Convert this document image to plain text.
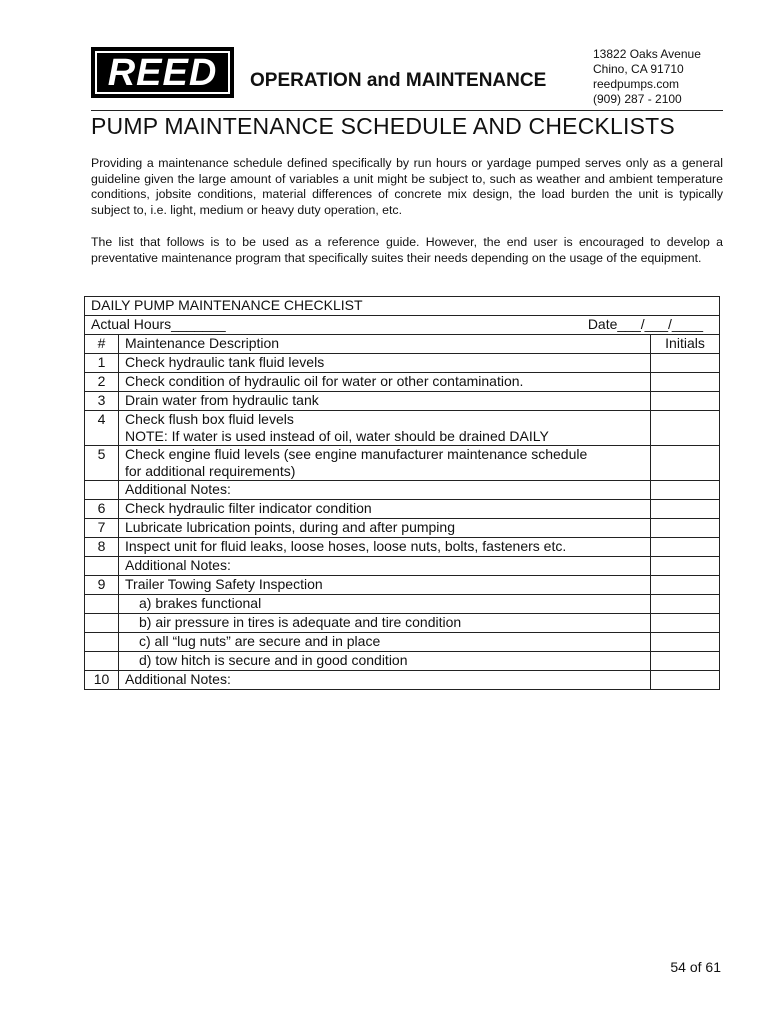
REED OPERATION and MAINTENANCE
13822 Oaks Avenue
Chino, CA 91710
reedpumps.com
(909) 287 - 2100
PUMP MAINTENANCE SCHEDULE AND CHECKLISTS

Providing a maintenance schedule defined specifically by run hours or yardage pumped serves only as a general guideline given the large amount of variables a unit might be subject to, such as weather and ambient temperature conditions, jobsite conditions, material differences of concrete mix design, the load burden the unit is typically subject to, i.e. light, medium or heavy duty operation, etc.

The list that follows is to be used as a reference guide. However, the end user is encouraged to develop a preventative maintenance program that specifically suites their needs depending on the usage of the equipment.

DAILY PUMP MAINTENANCE CHECKLIST		

Actual Hours_______ Date___/___/____		

#	Maintenance Description	Initials
1	Check hydraulic tank fluid levels	
2	Check condition of hydraulic oil for water or other contamination.	
3	Drain water from hydraulic tank	
4	Check flush box fluid levels
NOTE: If water is used instead of oil, water should be drained DAILY	

5	Check engine fluid levels (see engine manufacturer maintenance schedule
for additional requirements)	

	Additional Notes:	
6	Check hydraulic filter indicator condition	
7	Lubricate lubrication points, during and after pumping	
8	Inspect unit for fluid leaks, loose hoses, loose nuts, bolts, fasteners etc.	
	Additional Notes:	
9	Trailer Towing Safety Inspection	
	a) brakes functional	
	b) air pressure in tires is adequate and tire condition	
	c) all “lug nuts” are secure and in place	
	d) tow hitch is secure and in good condition	
10	Additional Notes:	
54 of 61
